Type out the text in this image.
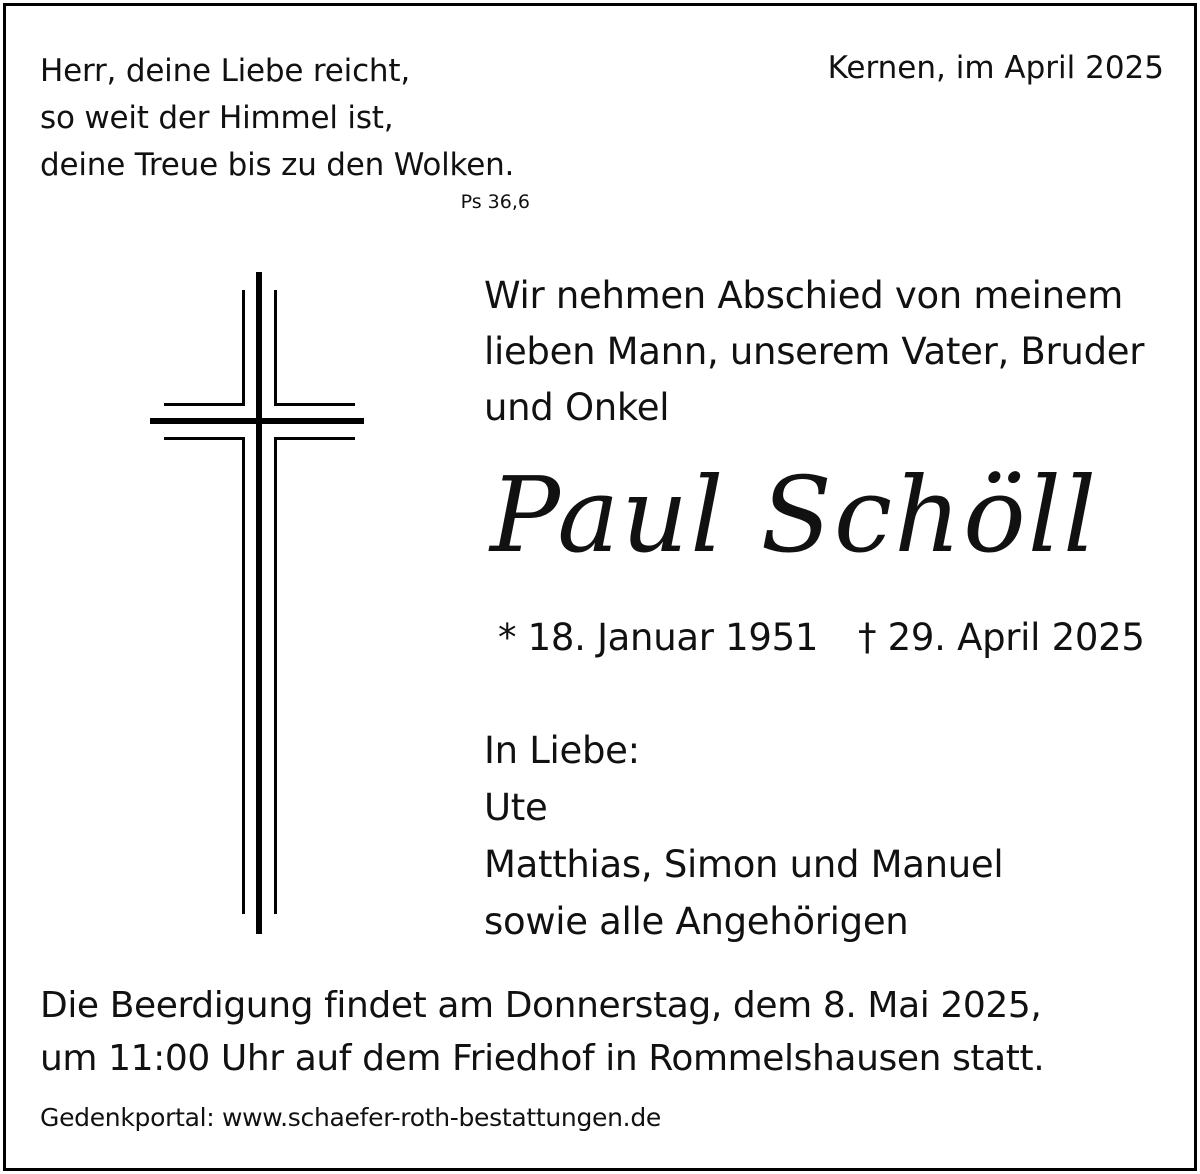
Herr, deine Liebe reicht,
so weit der Himmel ist,
deine Treue bis zu den Wolken.
Ps 36,6
Kernen, im April 2025
Wir nehmen Abschied von meinem
lieben Mann, unserem Vater, Bruder
und Onkel
Paul Schöll
* 18. Januar 1951 † 29. April 2025
In Liebe:
Ute
Matthias, Simon und Manuel
sowie alle Angehörigen
Die Beerdigung findet am Donnerstag, dem 8. Mai 2025,
um 11:00 Uhr auf dem Friedhof in Rommelshausen statt.
Gedenkportal: www.schaefer-roth-bestattungen.de
